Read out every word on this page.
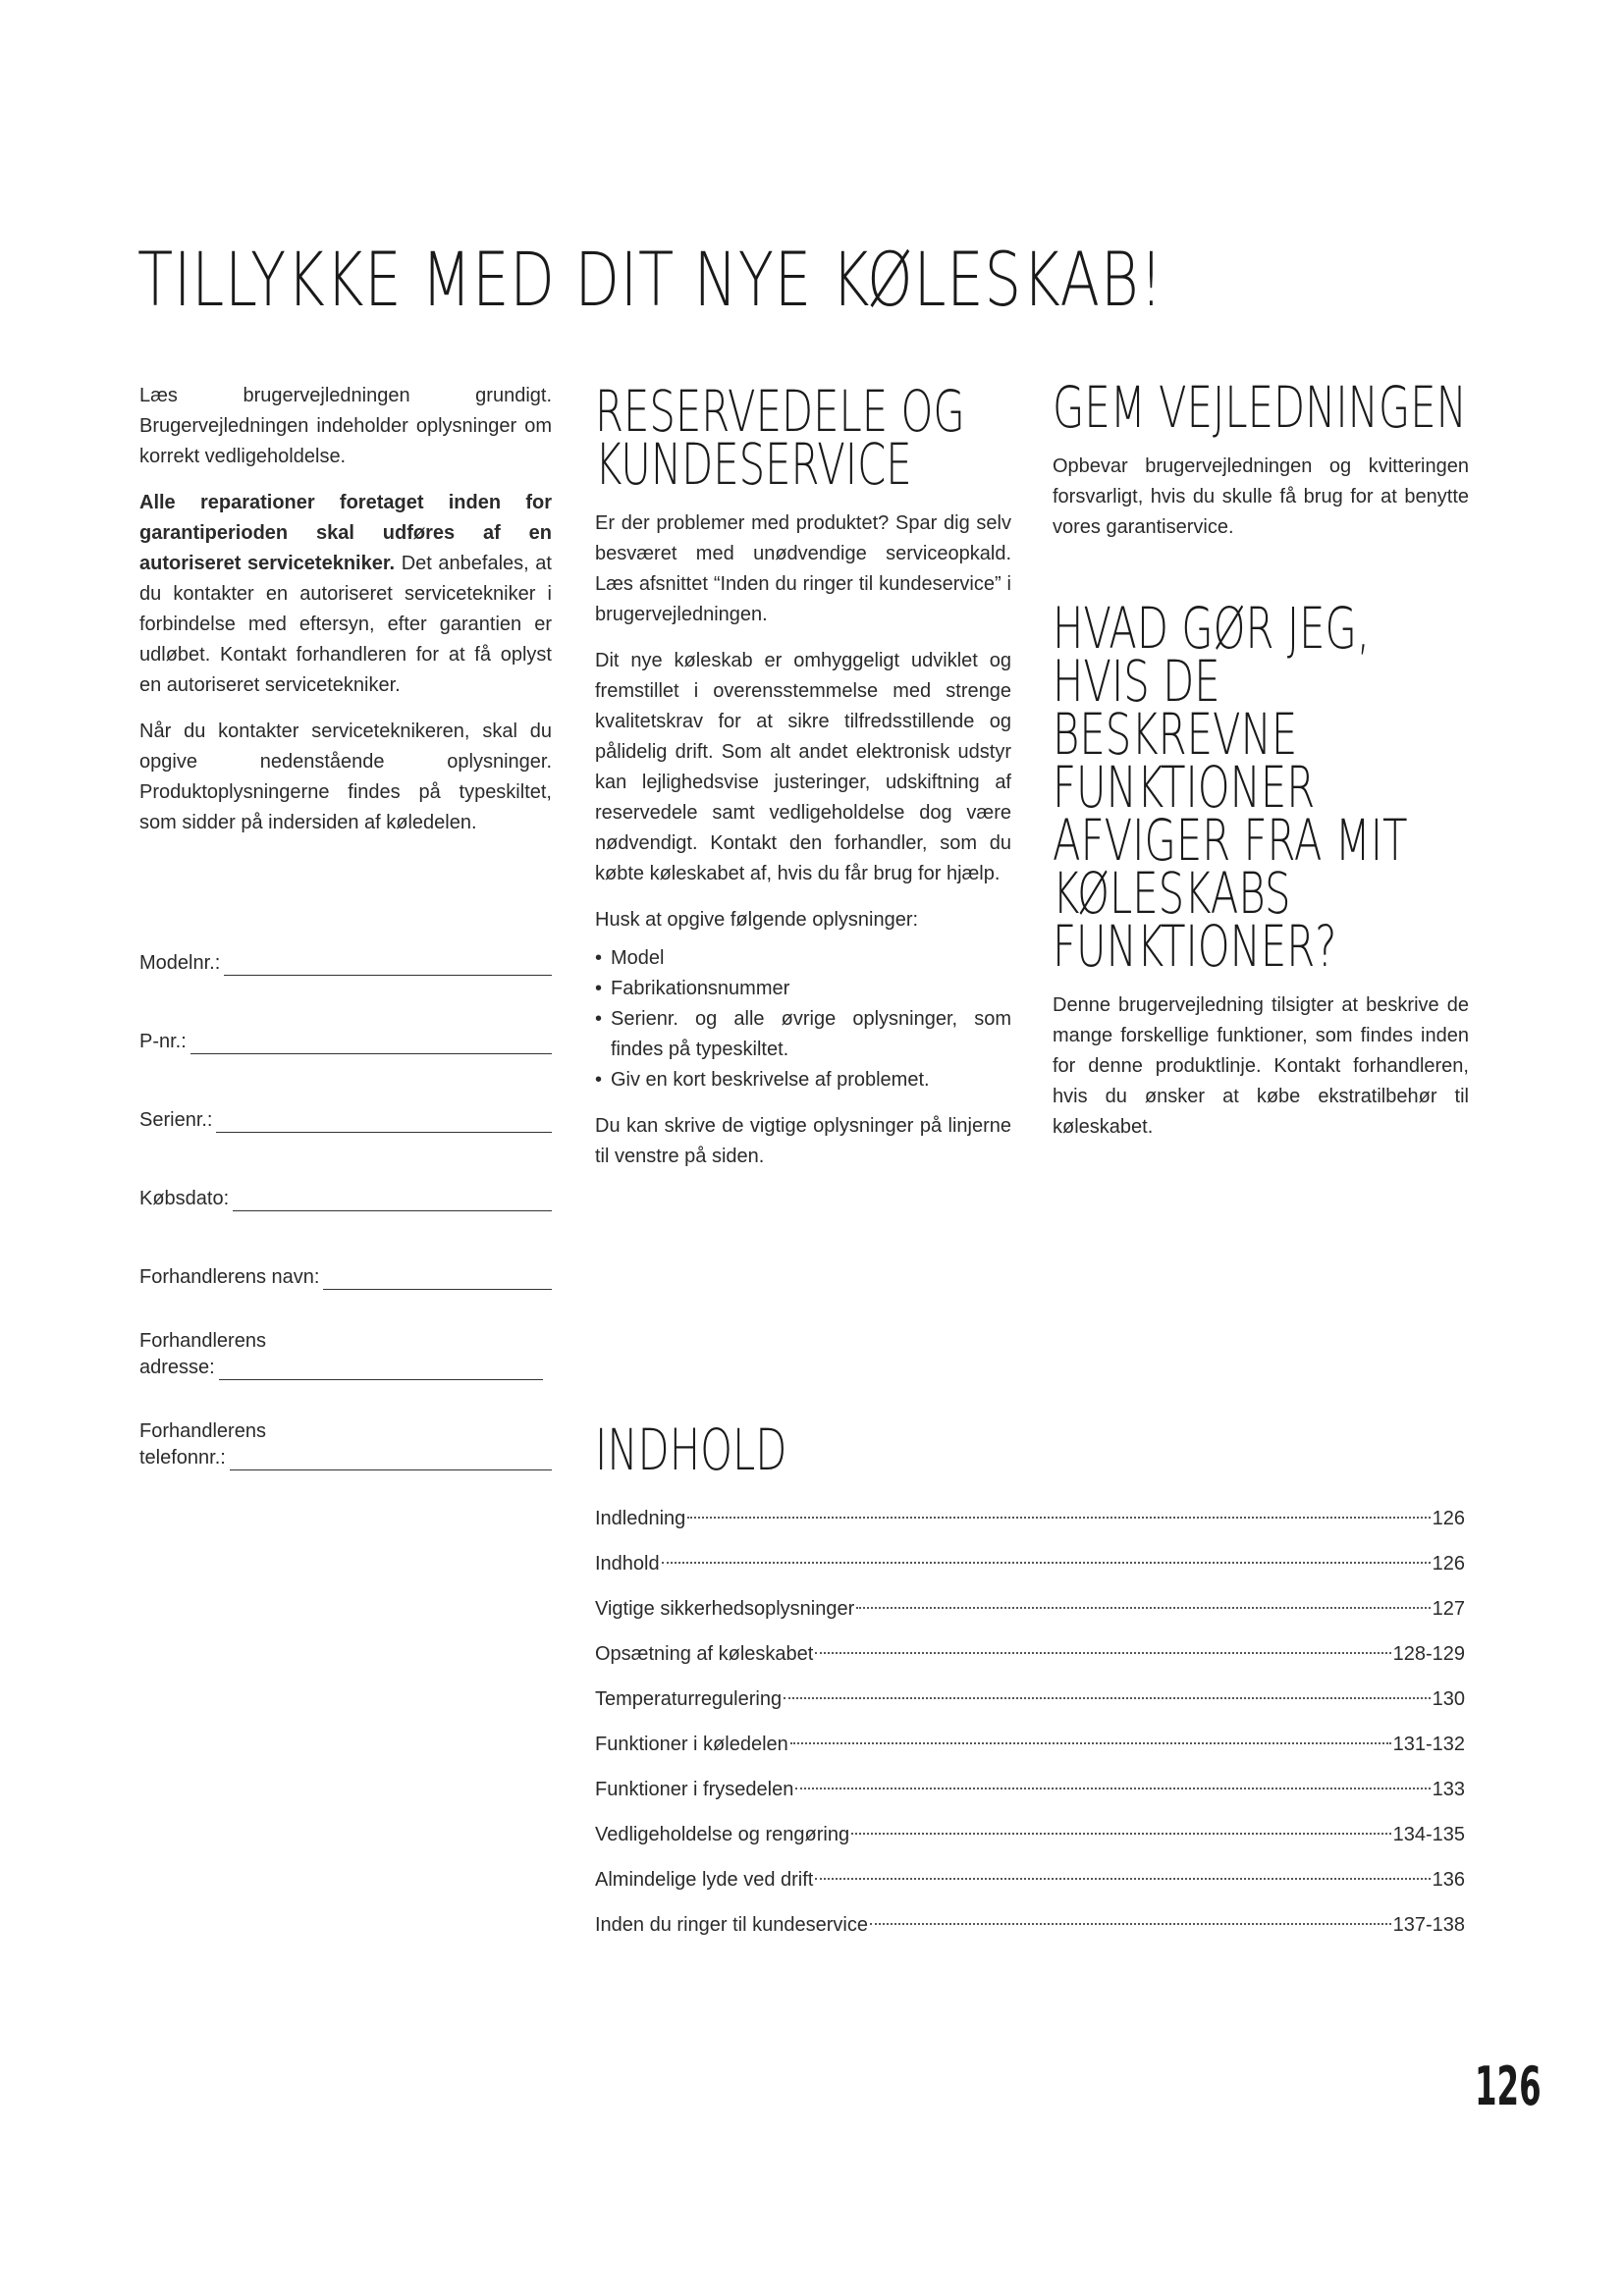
TILLYKKE MED DIT NYE KØLESKAB!

Læs brugervejledningen grundigt. Brugervejledningen indeholder oplysninger om korrekt vedligeholdelse.

Alle reparationer foretaget inden for garantiperioden skal udføres af en autoriseret servicetekniker. Det anbefales, at du kontakter en autoriseret servicetekniker i forbindelse med eftersyn, efter garantien er udløbet. Kontakt forhandleren for at få oplyst en autoriseret servicetekniker.

Når du kontakter serviceteknikeren, skal du opgive nedenstående oplysninger. Produktoplysningerne findes på typeskiltet, som sidder på indersiden af køledelen.

Modelnr.:
P-nr.:
Serienr.:
Købsdato:
Forhandlerens navn:
Forhandlerens
adresse:
Forhandlerens
telefonnr.:
RESERVEDELE OG KUNDESERVICE

Er der problemer med produktet? Spar dig selv besværet med unødvendige serviceopkald. Læs afsnittet “Inden du ringer til kundeservice” i brugervejledningen.

Dit nye køleskab er omhyggeligt udviklet og fremstillet i overensstemmelse med strenge kvalitetskrav for at sikre tilfredsstillende og pålidelig drift. Som alt andet elektronisk udstyr kan lejlighedsvise justeringer, udskiftning af reservedele samt vedligeholdelse dog være nødvendigt. Kontakt den forhandler, som du købte køleskabet af, hvis du får brug for hjælp.

Husk at opgive følgende oplysninger:

• Model
• Fabrikationsnummer
• Serienr. og alle øvrige oplysninger, som findes på typeskiltet.
• Giv en kort beskrivelse af problemet.

Du kan skrive de vigtige oplysninger på linjerne til venstre på siden.

GEM VEJLEDNINGEN

Opbevar brugervejledningen og kvitteringen forsvarligt, hvis du skulle få brug for at benytte vores garantiservice.

HVAD GØR JEG, HVIS DE BESKREVNE FUNKTIONER AFVIGER FRA MIT KØLESKABS FUNKTIONER?

Denne brugervejledning tilsigter at beskrive de mange forskellige funktioner, som findes inden for denne produktlinje. Kontakt forhandleren, hvis du ønsker at købe ekstratilbehør til køleskabet.

INDHOLD
Indledning	126
Indhold	126
Vigtige sikkerhedsoplysninger	127
Opsætning af køleskabet	128-129
Temperaturregulering	130
Funktioner i køledelen	131-132
Funktioner i frysedelen	133
Vedligeholdelse og rengøring	134-135
Almindelige lyde ved drift	136
Inden du ringer til kundeservice	137-138
126
